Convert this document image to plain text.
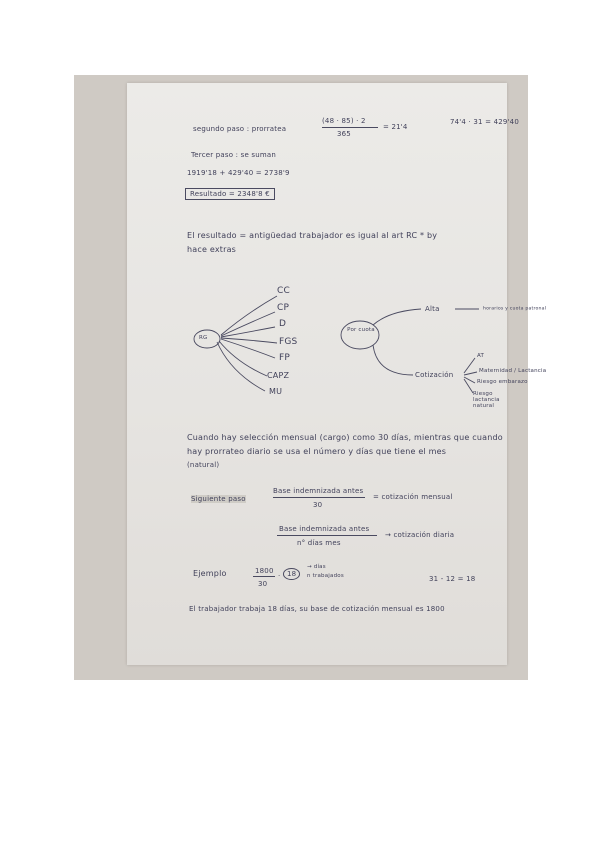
segundo paso : prorratea
(48 · 85) · 2
365
= 21'4
74'4 · 31 = 429'40
Tercer paso : se suman
1919'18 + 429'40 = 2738'9
Resultado = 2348'8 €
El resultado = antigüedad trabajador es igual al art RC * by
hace extras
RG
CC
CP
D
FGS
FP
CAPZ
MU
Por cuota
Alta	horarios y cuota patronal
Cotización
AT
Maternidad / Lactancia
Riesgo embarazo
Riesgo lactancia natural
Cuando hay selección mensual (cargo) como 30 días, mientras que cuando
hay prorrateo diario se usa el número y días que tiene el mes
(natural)
Siguiente paso
Base indemnizada antes
30
= cotización mensual
Base indemnizada antes
n° días mes
→ cotización diaria
Ejemplo	1800
30
· 18
→ días
n trabajados	31 - 12 = 18
El trabajador trabaja 18 días, su base de cotización mensual es 1800
